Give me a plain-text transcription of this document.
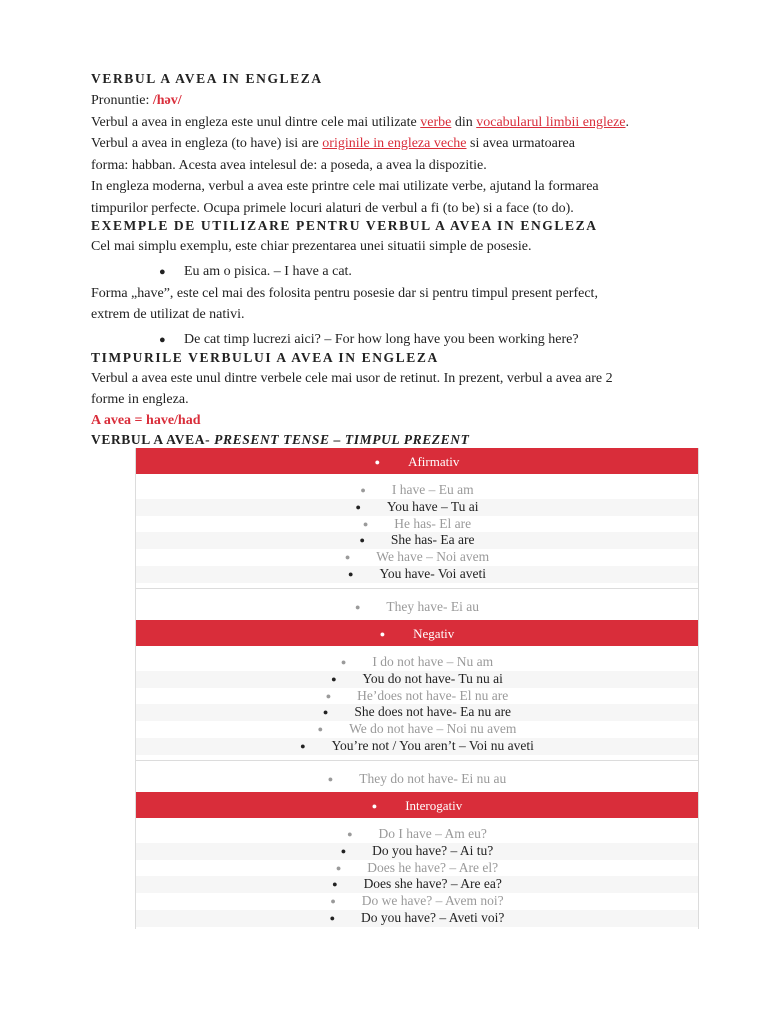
VERBUL A AVEA IN ENGLEZA

Pronuntie: /həv/

Verbul a avea in engleza este unul dintre cele mai utilizate verbe din vocabularul limbii engleze.

Verbul a avea in engleza (to have) isi are originile in engleza veche si avea urmatoarea
forma: habban. Acesta avea intelesul de: a poseda, a avea la dispozitie.

In engleza moderna, verbul a avea este printre cele mai utilizate verbe, ajutand la formarea
timpurilor perfecte. Ocupa primele locuri alaturi de verbul a fi (to be) si a face (to do).

EXEMPLE DE UTILIZARE PENTRU VERBUL A AVEA IN ENGLEZA

Cel mai simplu exemplu, este chiar prezentarea unei situatii simple de posesie.

● Eu am o pisica. – I have a cat.

Forma „have”, este cel mai des folosita pentru posesie dar si pentru timpul present perfect,
extrem de utilizat de nativi.

● De cat timp lucrezi aici? – For how long have you been working here?
TIMPURILE VERBULUI A AVEA IN ENGLEZA

Verbul a avea este unul dintre verbele cele mai usor de retinut. In prezent, verbul a avea are 2
forme in engleza.

A avea = have/had
VERBUL A AVEA- PRESENT TENSE – TIMPUL PREZENT
● Afirmativ
● I have – Eu am
● You have – Tu ai
● He has- El are
● She has- Ea are
● We have – Noi avem
● You have- Voi aveti
● They have- Ei au
● Negativ
● I do not have – Nu am
● You do not have- Tu nu ai
● He’does not have- El nu are
● She does not have- Ea nu are
● We do not have – Noi nu avem
● You’re not / You aren’t – Voi nu aveti
● They do not have- Ei nu au
● Interogativ
● Do I have – Am eu?
● Do you have? – Ai tu?
● Does he have? – Are el?
● Does she have? – Are ea?
● Do we have? – Avem noi?
● Do you have? – Aveti voi?
